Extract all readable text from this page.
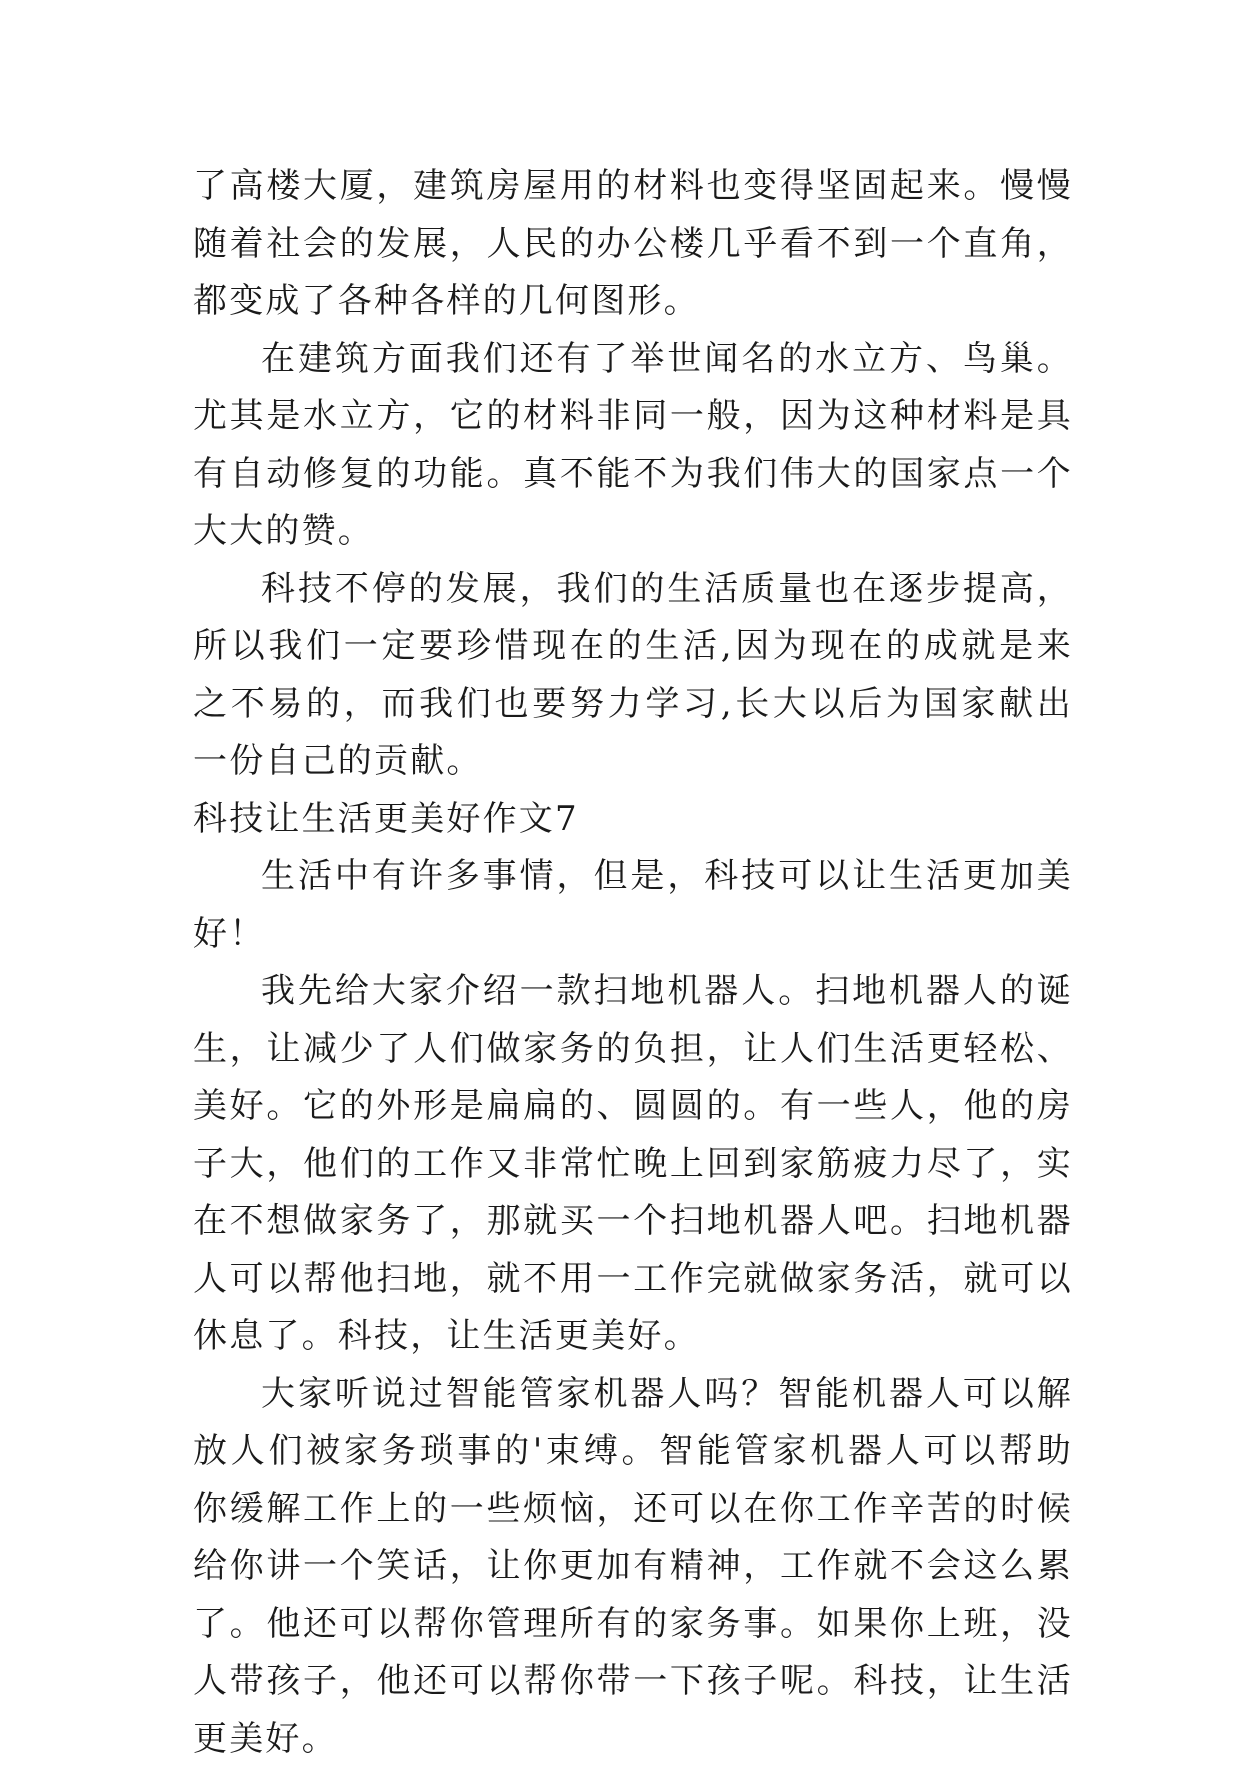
了高楼大厦，建筑房屋用的材料也变得坚固起来。慢慢随着社会的发展，人民的办公楼几乎看不到一个直角，都变成了各种各样的几何图形。

在建筑方面我们还有了举世闻名的水立方、鸟巢。尤其是水立方，它的材料非同一般，因为这种材料是具有自动修复的功能。真不能不为我们伟大的国家点一个大大的赞。

科技不停的发展，我们的生活质量也在逐步提高，所以我们一定要珍惜现在的生活,因为现在的成就是来之不易的，而我们也要努力学习,长大以后为国家献出一份自己的贡献。

科技让生活更美好作文7

生活中有许多事情，但是，科技可以让生活更加美好！

我先给大家介绍一款扫地机器人。扫地机器人的诞生，让减少了人们做家务的负担，让人们生活更轻松、美好。它的外形是扁扁的、圆圆的。有一些人，他的房子大，他们的工作又非常忙晚上回到家筋疲力尽了，实在不想做家务了，那就买一个扫地机器人吧。扫地机器人可以帮他扫地，就不用一工作完就做家务活，就可以休息了。科技，让生活更美好。

大家听说过智能管家机器人吗？智能机器人可以解放人们被家务琐事的'束缚。智能管家机器人可以帮助你缓解工作上的一些烦恼，还可以在你工作辛苦的时候给你讲一个笑话，让你更加有精神，工作就不会这么累了。他还可以帮你管理所有的家务事。如果你上班，没人带孩子，他还可以帮你带一下孩子呢。科技，让生活更美好。
